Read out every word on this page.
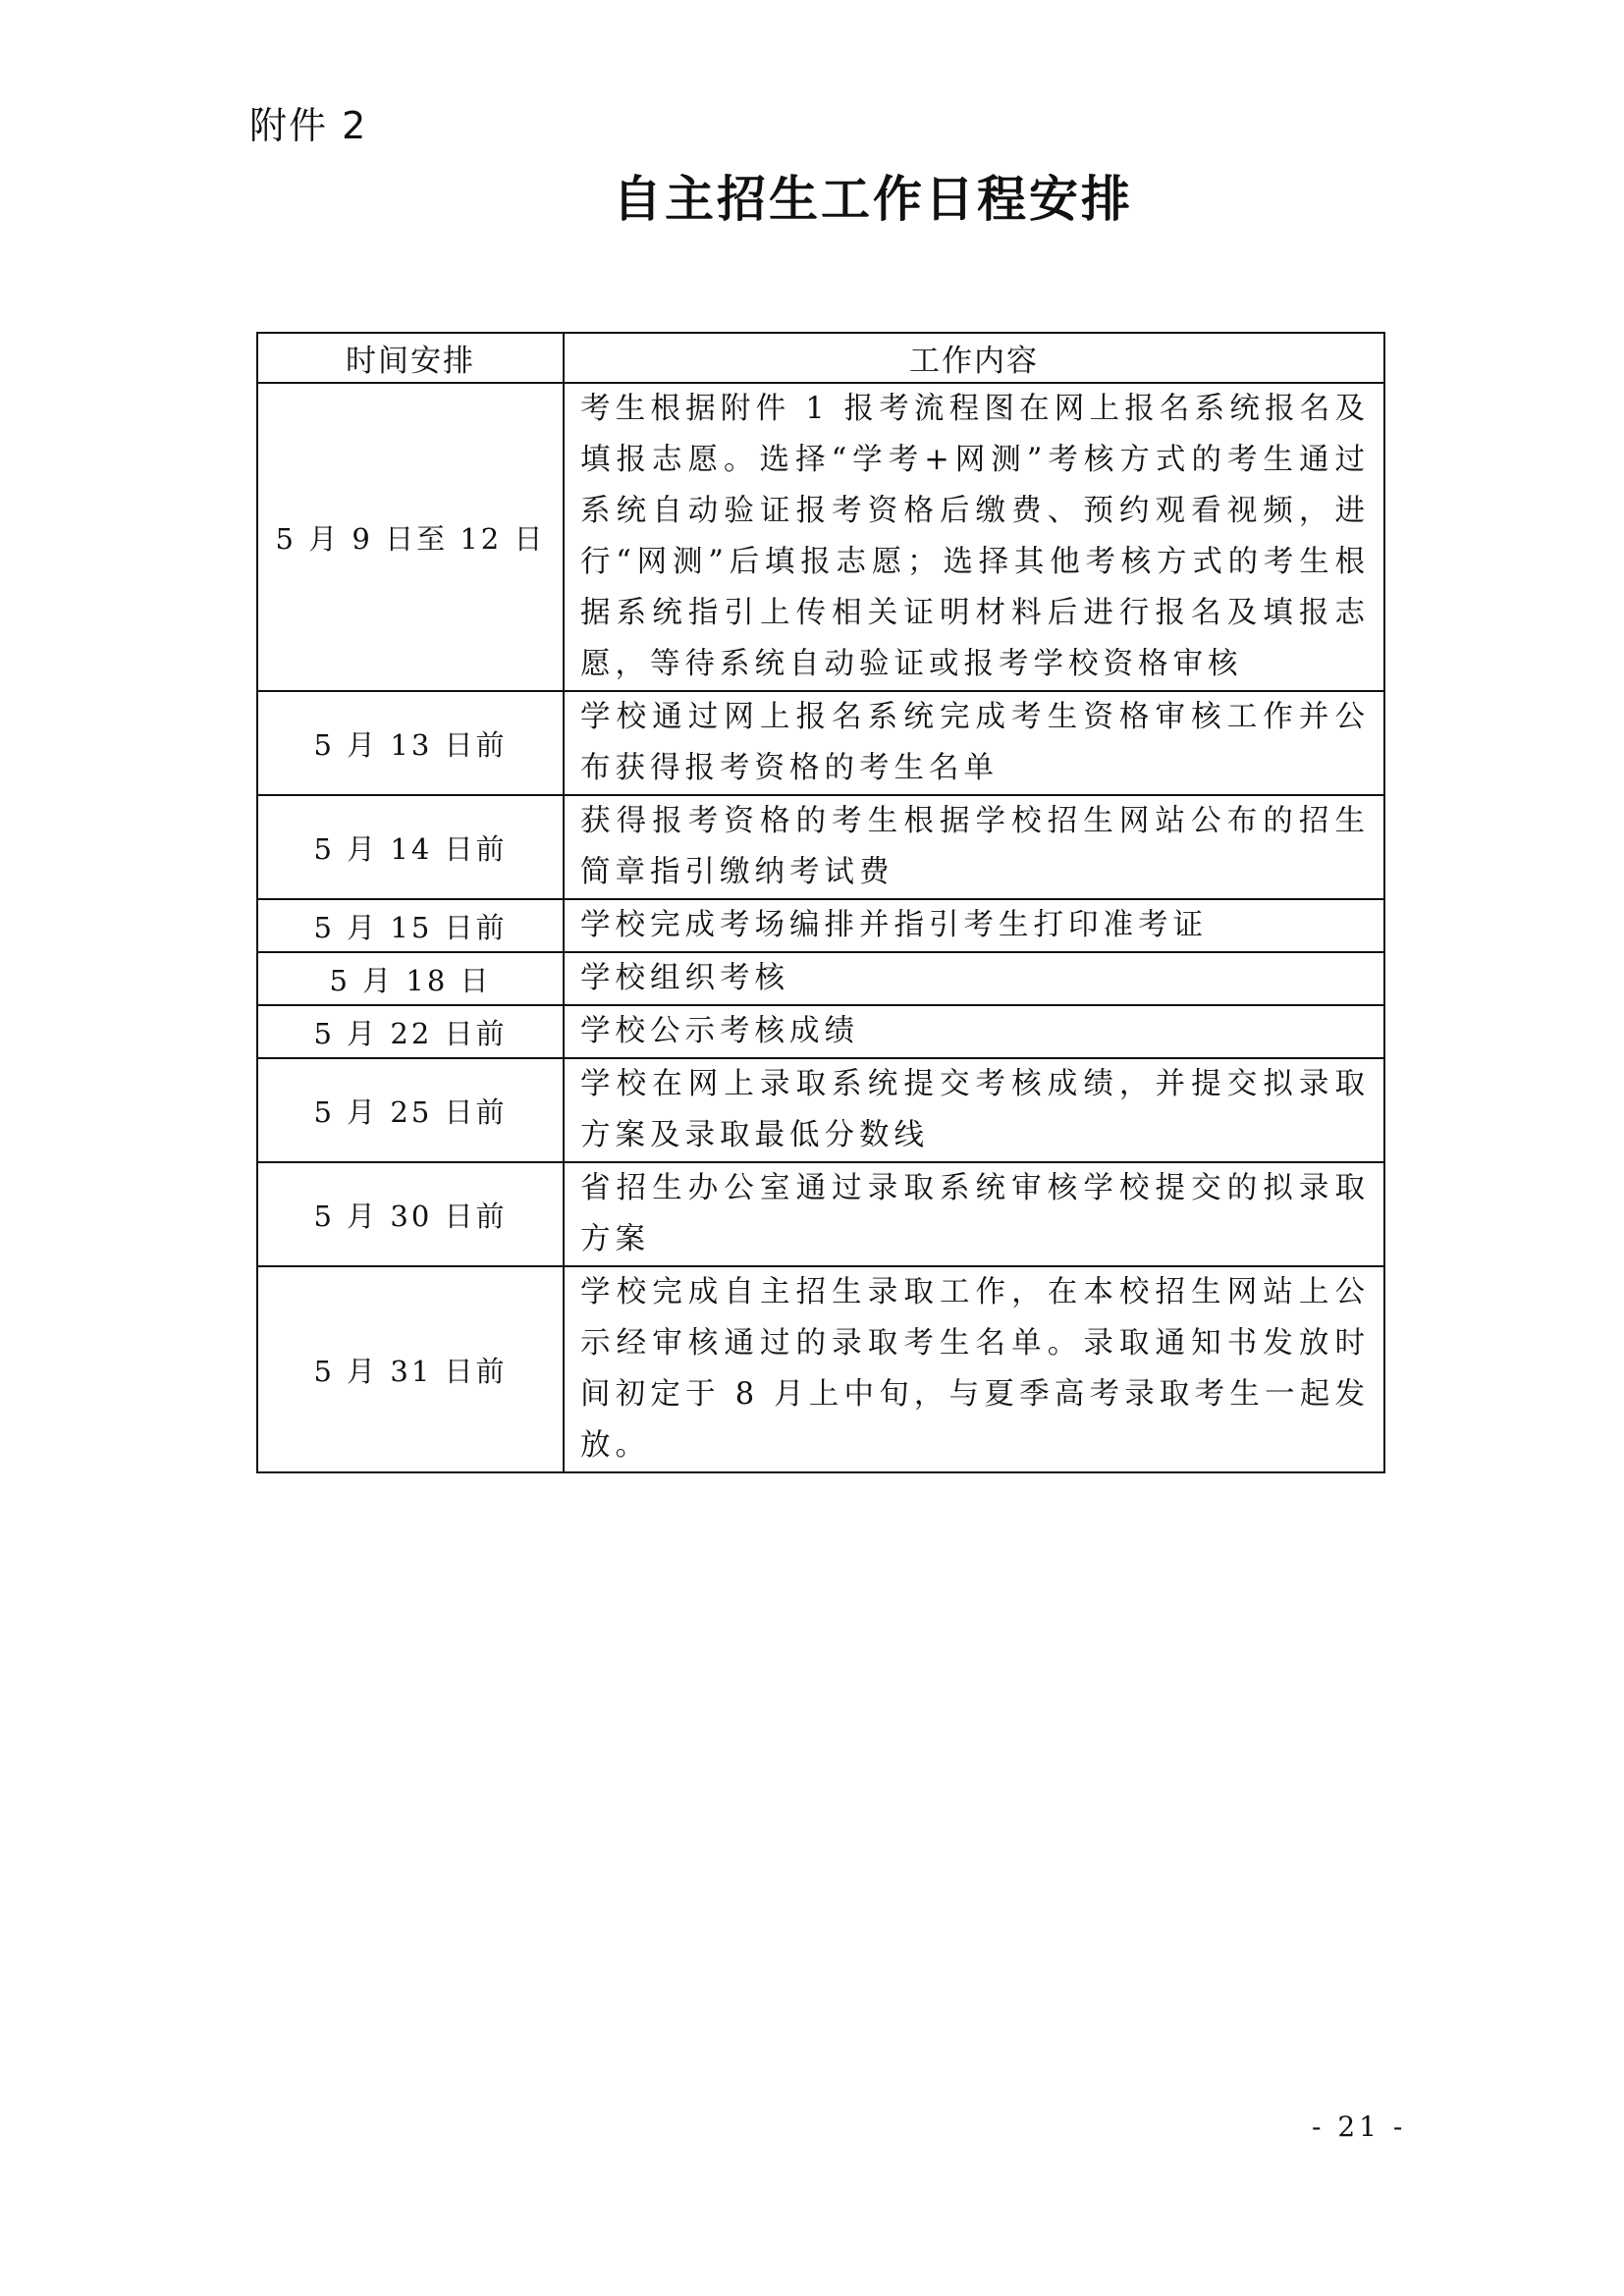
附件 2
自主招生工作日程安排
时间安排	工作内容
5 月 9 日至 12 日	考生根据附件 1 报考流程图在网上报名系统报名及填报志愿。选择“学考+网测”考核方式的考生通过系统自动验证报考资格后缴费、预约观看视频，进行“网测”后填报志愿；选择其他考核方式的考生根据系统指引上传相关证明材料后进行报名及填报志愿，等待系统自动验证或报考学校资格审核
5 月 13 日前	学校通过网上报名系统完成考生资格审核工作并公布获得报考资格的考生名单
5 月 14 日前	获得报考资格的考生根据学校招生网站公布的招生简章指引缴纳考试费
5 月 15 日前	学校完成考场编排并指引考生打印准考证
5 月 18 日	学校组织考核
5 月 22 日前	学校公示考核成绩
5 月 25 日前	学校在网上录取系统提交考核成绩，并提交拟录取方案及录取最低分数线
5 月 30 日前	省招生办公室通过录取系统审核学校提交的拟录取方案
5 月 31 日前	学校完成自主招生录取工作，在本校招生网站上公示经审核通过的录取考生名单。录取通知书发放时间初定于 8 月上中旬，与夏季高考录取考生一起发放。
- 21 -
